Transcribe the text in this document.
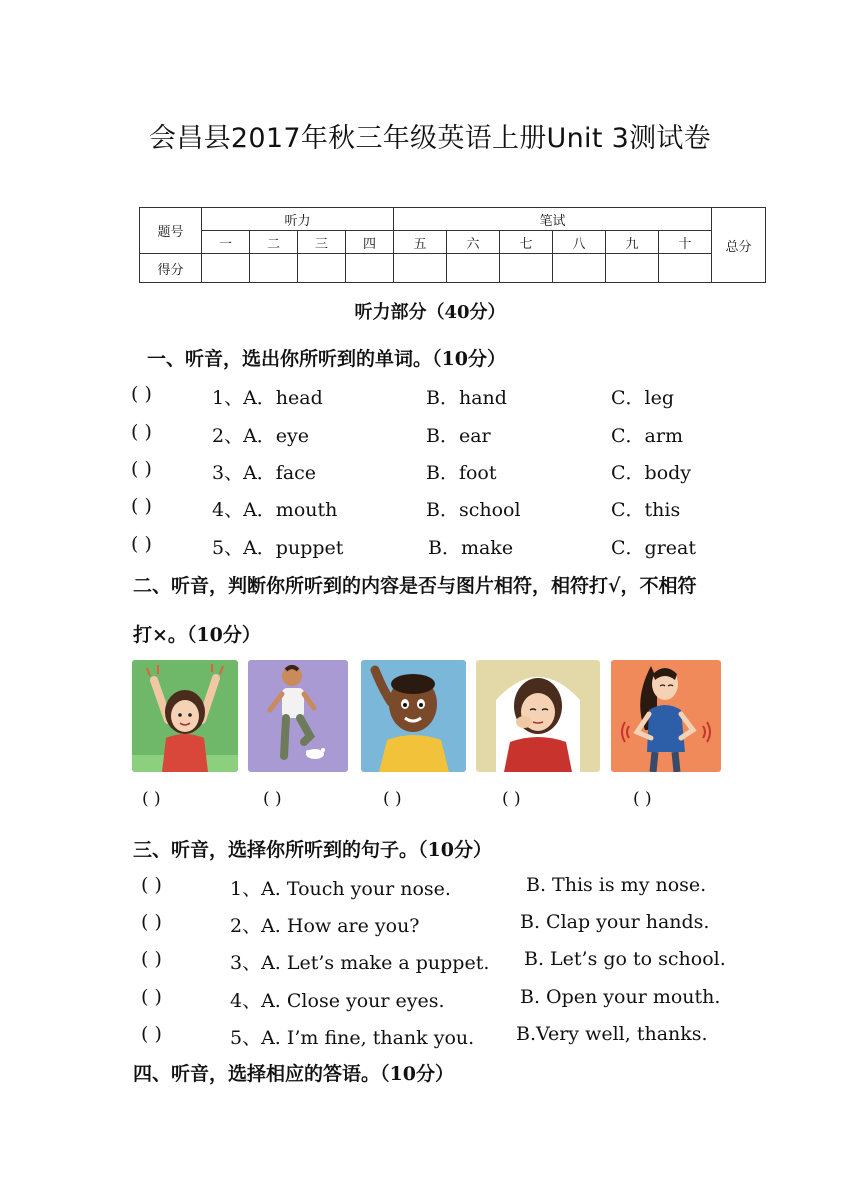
会昌县2017年秋三年级英语上册Unit 3测试卷
题号	听力				笔试						总分
	一	二	三	四	五	六	七	八	九	十	
得分											
听力部分（40分）
一、听音，选出你所听到的单词。（10分）
( )	1、A．head	B．hand	C．leg
( )	2、A．eye	B．ear	C．arm
( )	3、A．face	B．foot	C．body
( )	4、A．mouth	B．school	C．this
( )	5、A．puppet	B．make	C．great
二、听音，判断你所听到的内容是否与图片相符，相符打√，不相符
打×。（10分）
( )	( )	( )	( )	( )
三、听音，选择你所听到的句子。（10分）
( )	1、A. Touch your nose.	B. This is my nose.
( )	2、A. How are you?	B. Clap your hands.
( )	3、A. Let’s make a puppet. B. Let’s go to school.
( )	4、A. Close your eyes.	B. Open your mouth.
( )	5、A. I’m fine, thank you. B.Very well, thanks.
四、听音，选择相应的答语。（10分）
